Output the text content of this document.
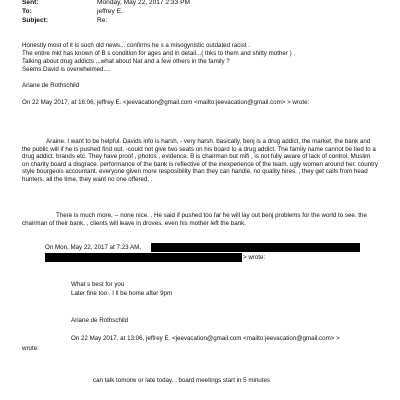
Sent:	Monday, May 22, 2017 2:33 PM
To:	jeffrey E.
Subject:	Re:
Honestly most of it is such old news... confirms he s a misogynistic outdated racist .
The entire mkt has known of B s condition for ages and in detail...( thks to them and shitty mother ) .
Talking about drug addicts ...what about Nat and a few others in the family ?
Seems David is overwhelmed....
Ariane de Rothschild
On 22 May 2017, at 16:06, jeffrey E. <jeevacation@gmail.com <mailto:jeevacation@gmail.com> > wrote:
Araine. I want to be helpful. Davids info is harsh, - very harsh. basically, benj is a drug addict, the market, the bank and the public will if he is pushed find out. -could not give two seats on his board to a drug addict. The family name cannot be tied to a drug addict. brands etc. They have proof , photos , evidence. B is chairman but mifi , is not fully aware of lack of control. Muslim on charity board a disgrace. performance of the bank is reflective of the inexperience of the team. ugly women around her. country style bourgeois accountant. everyone given more resposibility than they can handle. no quality hires. , they get calls from head hunters. all the time, they want no one offered. .
There is much more, -- none nice. . He said if pushed too far he will lay out benj problems for the world to see. the chairman of their bank, , clients will leave in droves. even his mother left the bank.
On Mon, May 22, 2017 at 7:23 AM,
> wrote:
What s best for you
Later fine too . I ll be home after 9pm
Ariane de Rothschild
On 22 May 2017, at 13:06, jeffrey E. <jeevacation@gmail.com <mailto:jeevacation@gmail.com> >
wrote:
can talk tomorw or late today. , board meetings start in 5 minutes
